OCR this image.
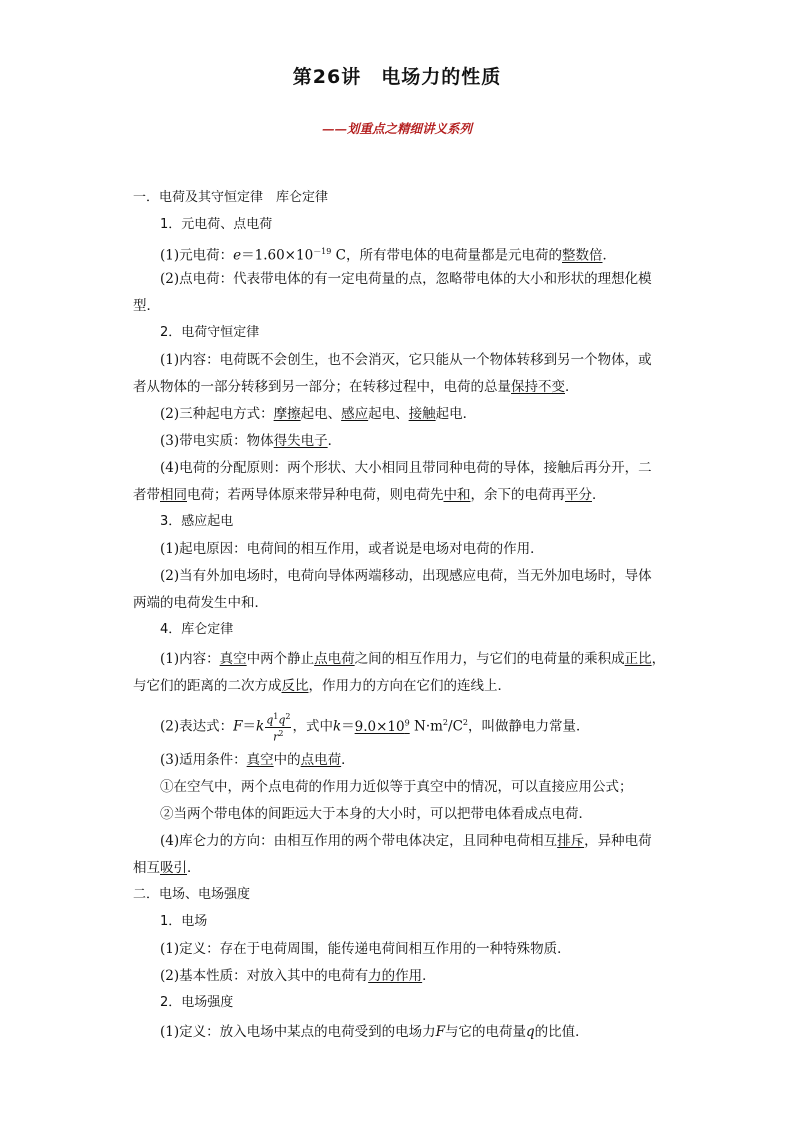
第26讲　电场力的性质
——划重点之精细讲义系列
一．电荷及其守恒定律　库仑定律
1．元电荷、点电荷
(1)元电荷：$e=1.60\times 10^{-19}$ C，所有带电体的电荷量都是元电荷的整数倍．
(2)点电荷：代表带电体的有一定电荷量的点，忽略带电体的大小和形状的理想化模
型．
2．电荷守恒定律
(1)内容：电荷既不会创生，也不会消灭，它只能从一个物体转移到另一个物体，或
者从物体的一部分转移到另一部分；在转移过程中，电荷的总量保持不变．
(2)三种起电方式：摩擦起电、感应起电、接触起电．
(3)带电实质：物体得失电子．
(4)电荷的分配原则：两个形状、大小相同且带同种电荷的导体，接触后再分开，二
者带相同电荷；若两导体原来带异种电荷，则电荷先中和，余下的电荷再平分．
3．感应起电
(1)起电原因：电荷间的相互作用，或者说是电场对电荷的作用．
(2)当有外加电场时，电荷向导体两端移动，出现感应电荷，当无外加电场时，导体
两端的电荷发生中和．
4．库仑定律
(1)内容：真空中两个静止点电荷之间的相互作用力，与它们的电荷量的乘积成正比，
与它们的距离的二次方成反比，作用力的方向在它们的连线上．
(2)表达式：$F=k \frac{q^1q^2}{r^2}$ ，式中$k=9.0\times 10^9$ $N\cdot m^2/C^2$，叫做静电力常量．
(3)适用条件：真空中的点电荷．
①在空气中，两个点电荷的作用力近似等于真空中的情况，可以直接应用公式；
②当两个带电体的间距远大于本身的大小时，可以把带电体看成点电荷．
(4)库仑力的方向：由相互作用的两个带电体决定，且同种电荷相互排斥，异种电荷
相互吸引．
二．电场、电场强度
1．电场
(1)定义：存在于电荷周围，能传递电荷间相互作用的一种特殊物质．
(2)基本性质：对放入其中的电荷有力的作用．
2．电场强度
(1)定义：放入电场中某点的电荷受到的电场力F与它的电荷量q的比值．
